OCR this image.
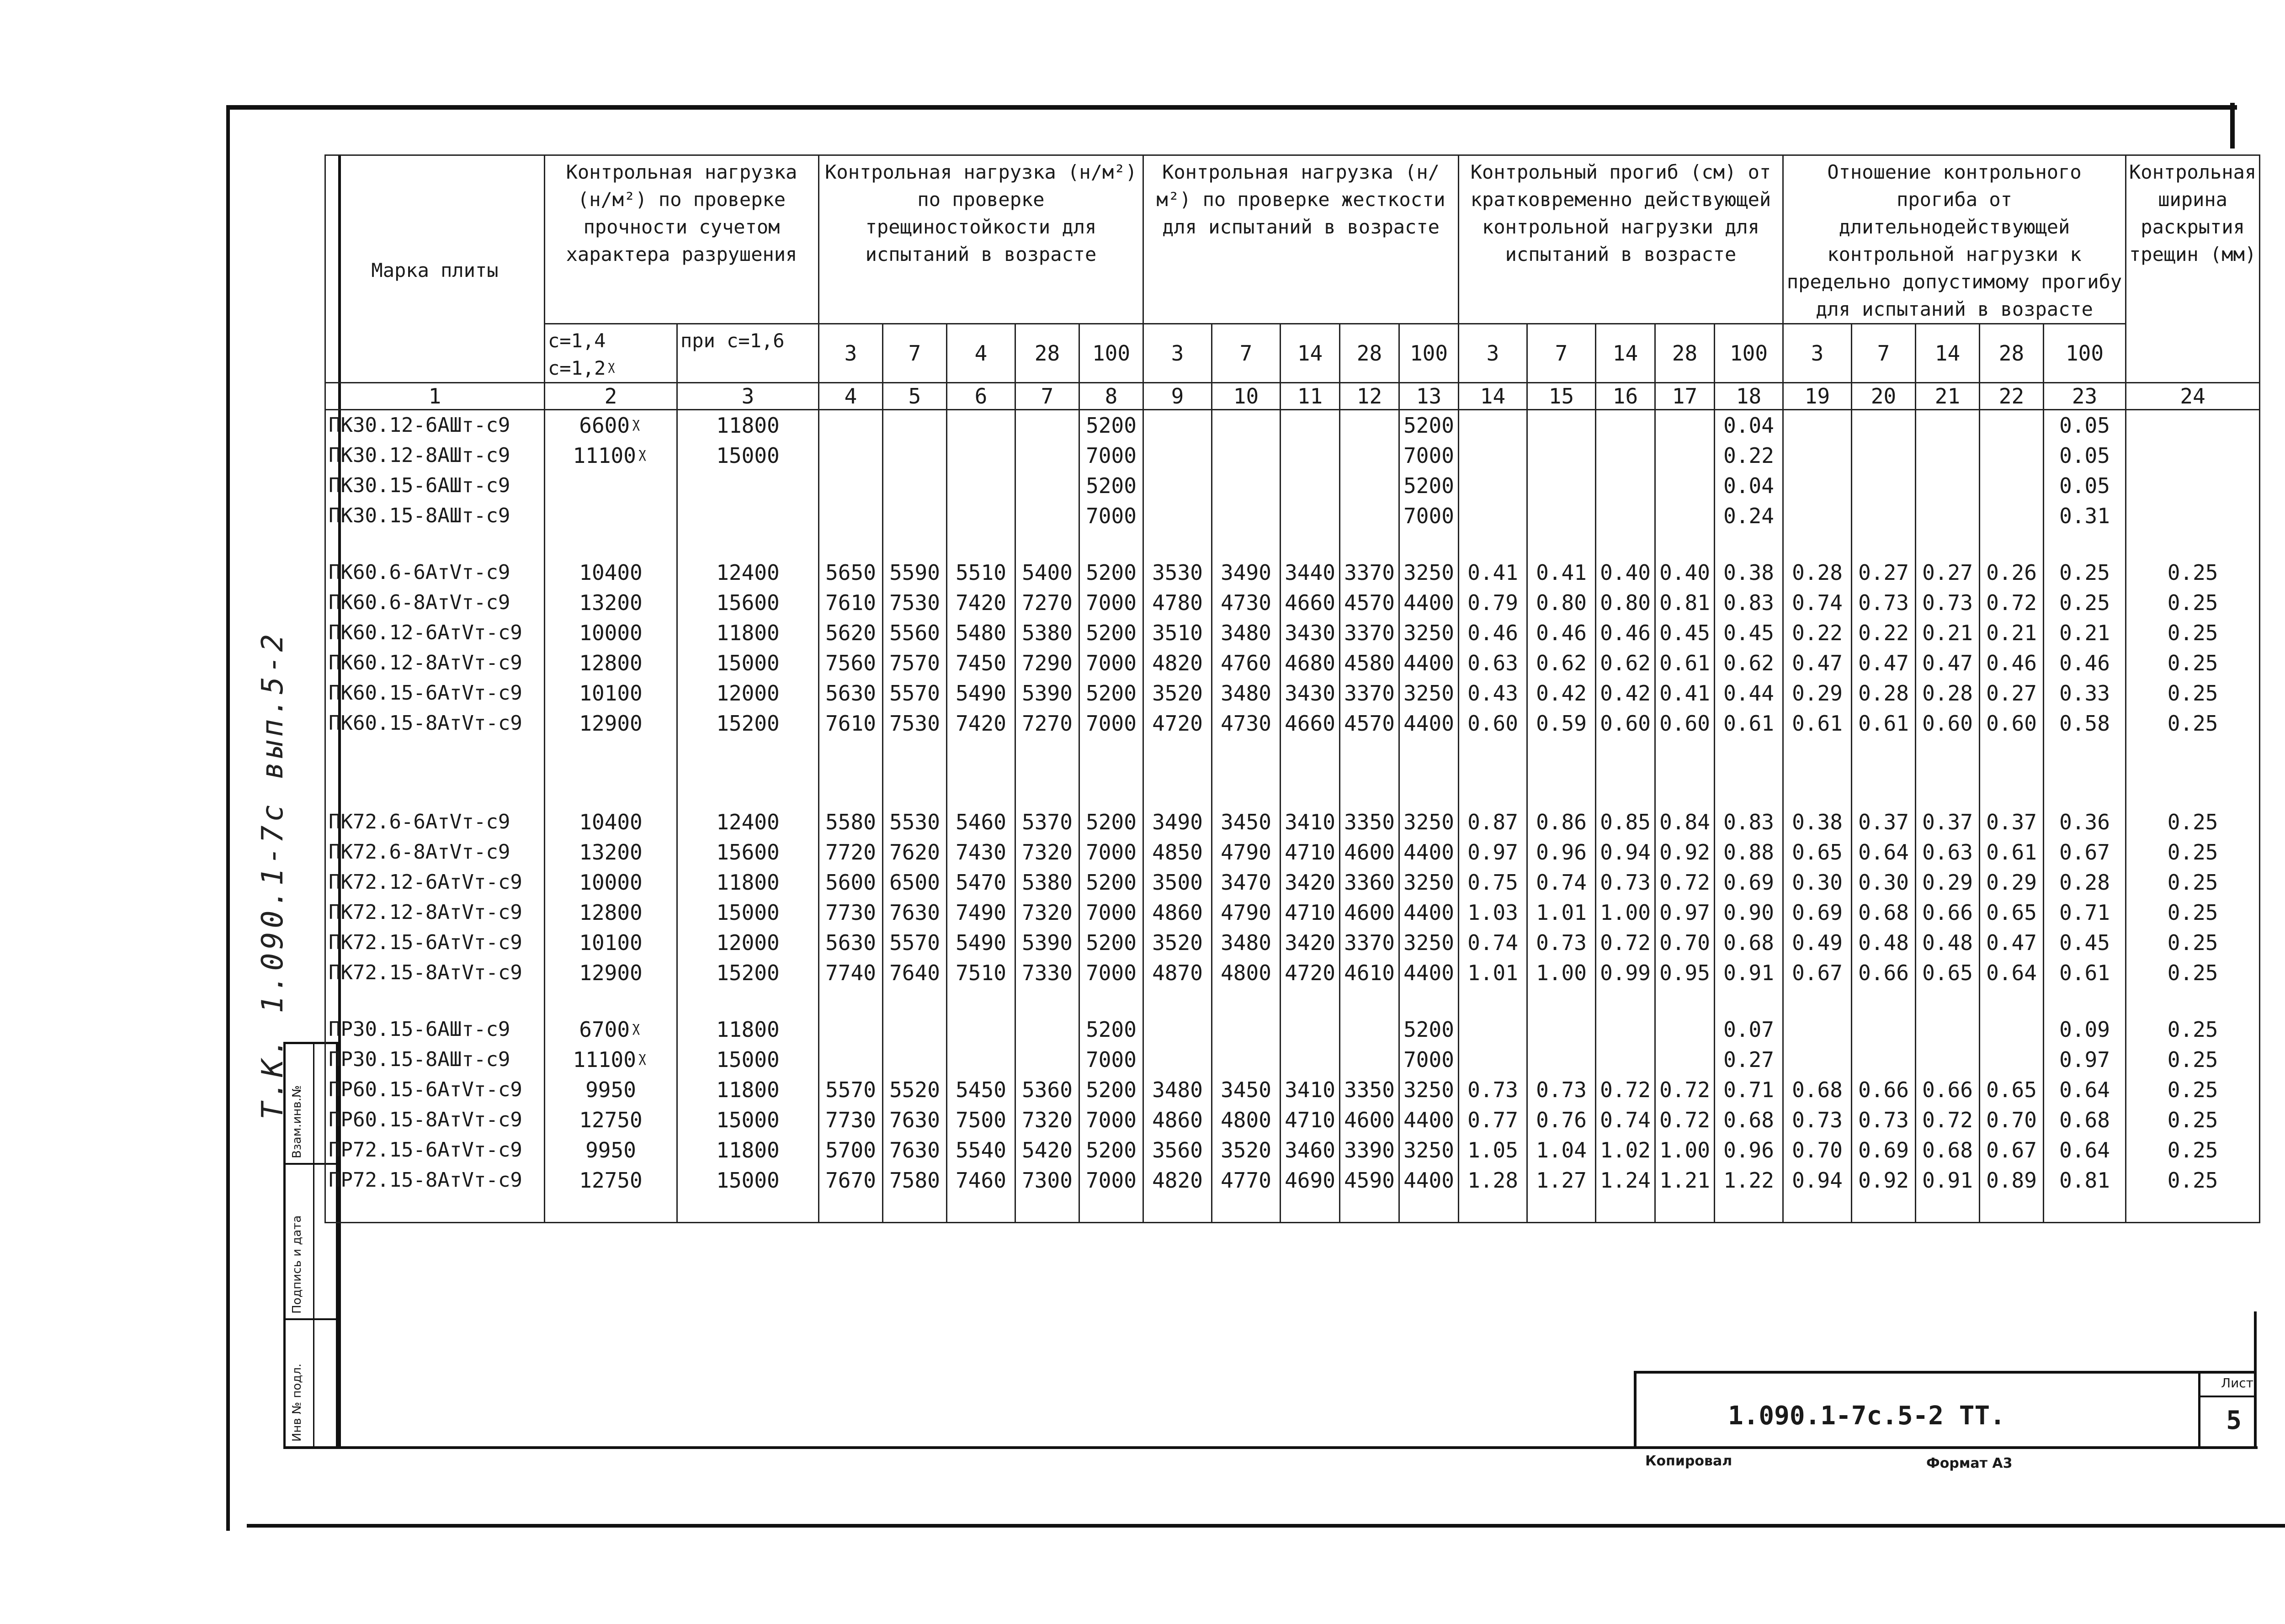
Т.К. 1.090.1-7с вып.5-2
Взам.инв.№
Подпись и дата
Инв № подл.
Марка плиты	Контрольная нагрузка (н/м²) по проверке прочности сучетом характера разрушения		Контрольная нагрузка (н/м²) по проверке трещиностойкости для испытаний в возрасте					Контрольная нагрузка (н/м²) по проверке жесткости для испытаний в возрасте					Контрольный прогиб (см) от кратковременно действующей контрольной нагрузки для испытаний в возрасте					Отношение контрольного прогиба от длительнодействующей контрольной нагрузки к предельно допустимому прогибу для испытаний в возрасте					Контрольная ширина раскрытия трещин (мм)
	с=1,4 с=1,2ᵡ	при с=1,6																					
			3	7	4	28	100	3	7	14	28	100	3	7	14	28	100	3	7	14	28	100	
1	2	3	4	5	6	7	8	9	10	11	12	13	14	15	16	17	18	19	20	21	22	23	24
ПК30.12-6АШт-с9	6600ᵡ	11800					5200					5200					0.04					0.05	
ПК30.12-8АШт-с9	11100ᵡ	15000					7000					7000					0.22					0.05	
ПК30.15-6АШт-с9							5200					5200					0.04					0.05	
ПК30.15-8АШт-с9							7000					7000					0.24					0.31	

ПК60.6-6АтVт-с9	10400	12400	5650	5590	5510	5400	5200	3530	3490	3440	3370	3250	0.41	0.41	0.40	0.40	0.38	0.28	0.27	0.27	0.26	0.25	0.25
ПК60.6-8АтVт-с9	13200	15600	7610	7530	7420	7270	7000	4780	4730	4660	4570	4400	0.79	0.80	0.80	0.81	0.83	0.74	0.73	0.73	0.72	0.25	0.25
ПК60.12-6АтVт-с9	10000	11800	5620	5560	5480	5380	5200	3510	3480	3430	3370	3250	0.46	0.46	0.46	0.45	0.45	0.22	0.22	0.21	0.21	0.21	0.25
ПК60.12-8АтVт-с9	12800	15000	7560	7570	7450	7290	7000	4820	4760	4680	4580	4400	0.63	0.62	0.62	0.61	0.62	0.47	0.47	0.47	0.46	0.46	0.25
ПК60.15-6АтVт-с9	10100	12000	5630	5570	5490	5390	5200	3520	3480	3430	3370	3250	0.43	0.42	0.42	0.41	0.44	0.29	0.28	0.28	0.27	0.33	0.25
ПК60.15-8АтVт-с9	12900	15200	7610	7530	7420	7270	7000	4720	4730	4660	4570	4400	0.60	0.59	0.60	0.60	0.61	0.61	0.61	0.60	0.60	0.58	0.25

ПК72.6-6АтVт-с9	10400	12400	5580	5530	5460	5370	5200	3490	3450	3410	3350	3250	0.87	0.86	0.85	0.84	0.83	0.38	0.37	0.37	0.37	0.36	0.25
ПК72.6-8АтVт-с9	13200	15600	7720	7620	7430	7320	7000	4850	4790	4710	4600	4400	0.97	0.96	0.94	0.92	0.88	0.65	0.64	0.63	0.61	0.67	0.25
ПК72.12-6АтVт-с9	10000	11800	5600	6500	5470	5380	5200	3500	3470	3420	3360	3250	0.75	0.74	0.73	0.72	0.69	0.30	0.30	0.29	0.29	0.28	0.25
ПК72.12-8АтVт-с9	12800	15000	7730	7630	7490	7320	7000	4860	4790	4710	4600	4400	1.03	1.01	1.00	0.97	0.90	0.69	0.68	0.66	0.65	0.71	0.25
ПК72.15-6АтVт-с9	10100	12000	5630	5570	5490	5390	5200	3520	3480	3420	3370	3250	0.74	0.73	0.72	0.70	0.68	0.49	0.48	0.48	0.47	0.45	0.25
ПК72.15-8АтVт-с9	12900	15200	7740	7640	7510	7330	7000	4870	4800	4720	4610	4400	1.01	1.00	0.99	0.95	0.91	0.67	0.66	0.65	0.64	0.61	0.25

ПР30.15-6АШт-с9	6700ᵡ	11800					5200					5200					0.07					0.09	0.25
ПР30.15-8АШт-с9	11100ᵡ	15000					7000					7000					0.27					0.97	0.25
ПР60.15-6АтVт-с9	9950	11800	5570	5520	5450	5360	5200	3480	3450	3410	3350	3250	0.73	0.73	0.72	0.72	0.71	0.68	0.66	0.66	0.65	0.64	0.25
ПР60.15-8АтVт-с9	12750	15000	7730	7630	7500	7320	7000	4860	4800	4710	4600	4400	0.77	0.76	0.74	0.72	0.68	0.73	0.73	0.72	0.70	0.68	0.25
ПР72.15-6АтVт-с9	9950	11800	5700	7630	5540	5420	5200	3560	3520	3460	3390	3250	1.05	1.04	1.02	1.00	0.96	0.70	0.69	0.68	0.67	0.64	0.25
ПР72.15-8АтVт-с9	12750	15000	7670	7580	7460	7300	7000	4820	4770	4690	4590	4400	1.28	1.27	1.24	1.21	1.22	0.94	0.92	0.91	0.89	0.81	0.25

1.090.1-7с.5-2 ТТ.
Лист
5
Копировал	Формат А3
